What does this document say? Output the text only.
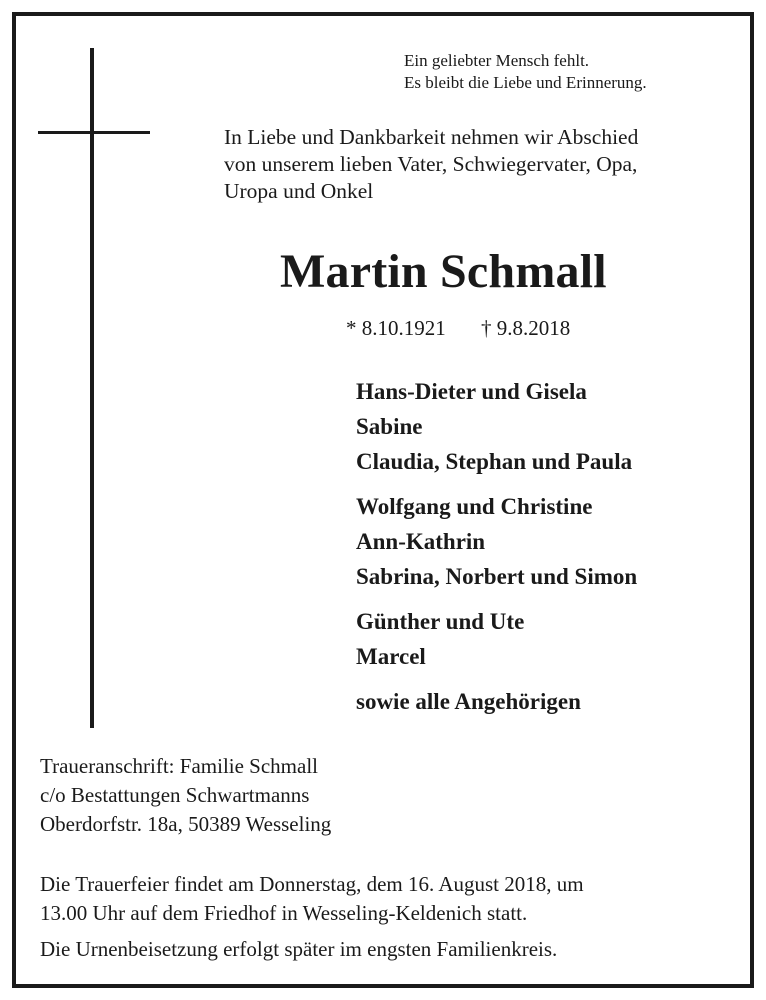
Ein geliebter Mensch fehlt.
Es bleibt die Liebe und Erinnerung.
In Liebe und Dankbarkeit nehmen wir Abschied
von unserem lieben Vater, Schwiegervater, Opa,
Uropa und Onkel
Martin Schmall
* 8.10.1921 † 9.8.2018
Hans-Dieter und Gisela
Sabine
Claudia, Stephan und Paula
Wolfgang und Christine
Ann-Kathrin
Sabrina, Norbert und Simon
Günther und Ute
Marcel
sowie alle Angehörigen
Traueranschrift: Familie Schmall
c/o Bestattungen Schwartmanns
Oberdorfstr. 18a, 50389 Wesseling
Die Trauerfeier findet am Donnerstag, dem 16. August 2018, um
13.00 Uhr auf dem Friedhof in Wesseling-Keldenich statt.
Die Urnenbeisetzung erfolgt später im engsten Familienkreis.
